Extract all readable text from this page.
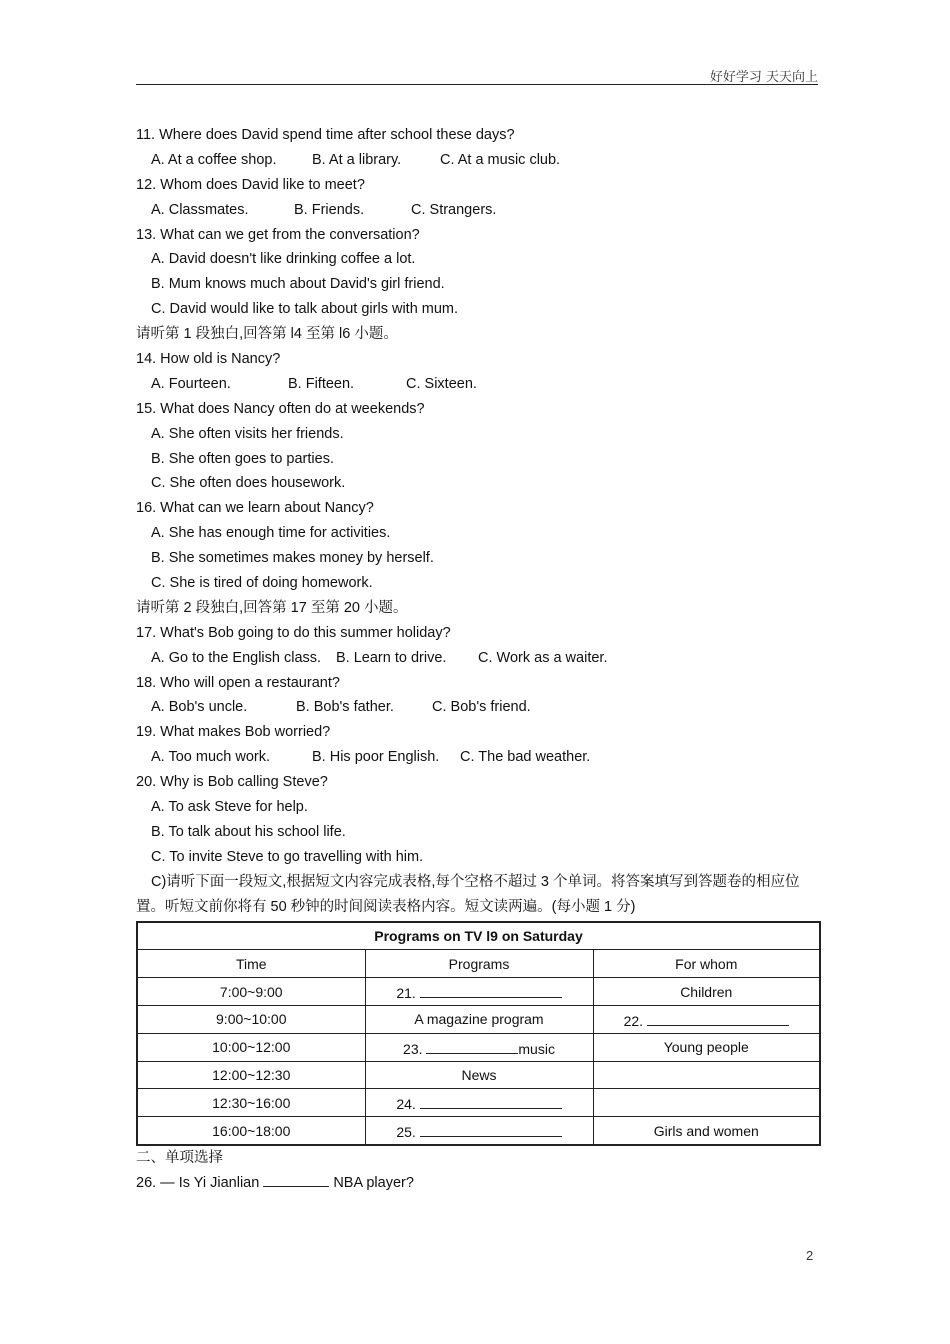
好好学习 天天向上
11. Where does David spend time after school these days?
A. At a coffee shop. B. At a library.	C. At a music club.
12. Whom does David like to meet?
A. Classmates.	B. Friends.	C. Strangers.
13. What can we get from the conversation?
A. David doesn't like drinking coffee a lot.
B. Mum knows much about David's girl friend.
C. David would like to talk about girls with mum.
请听第 1 段独白,回答第 l4 至第 l6 小题。
14. How old is Nancy?
A. Fourteen.	B. Fifteen.	C. Sixteen.
15. What does Nancy often do at weekends?
A. She often visits her friends.
B. She often goes to parties.
C. She often does housework.
16. What can we learn about Nancy?
A. She has enough time for activities.
B. She sometimes makes money by herself.
C. She is tired of doing homework.
请听第 2 段独白,回答第 17 至第 20 小题。
17. What's Bob going to do this summer holiday?
A. Go to the English class. B. Learn to drive. C. Work as a waiter.
18. Who will open a restaurant?
A. Bob's uncle.	B. Bob's father.	C. Bob's friend.
19. What makes Bob worried?
A. Too much work.	B. His poor English. C. The bad weather.
20. Why is Bob calling Steve?
A. To ask Steve for help.
B. To talk about his school life.
C. To invite Steve to go travelling with him.
C)请听下面一段短文,根据短文内容完成表格,每个空格不超过 3 个单词。将答案填写到答题卷的相应位置。听短文前你将有 50 秒钟的时间阅读表格内容。短文读两遍。(每小题 1 分)
Programs on TV l9 on Saturday		
Time	Programs	For whom
7:00~9:00	21.	Children
9:00~10:00	A magazine program	22.
10:00~12:00	23. music	Young people
12:00~12:30	News	
12:30~16:00	24.	
16:00~18:00	25.	Girls and women
二、单项选择
26. — Is Yi Jianlian	NBA player?
2
